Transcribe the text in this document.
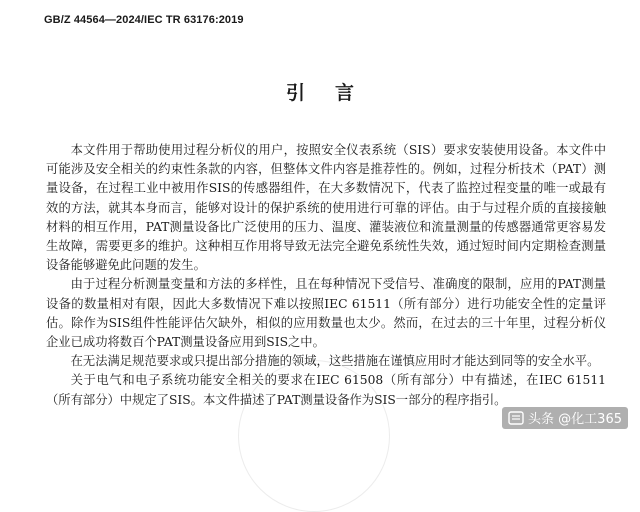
GB/Z 44564—2024/IEC TR 63176:2019
引言

本文件用于帮助使用过程分析仪的用户，按照安全仪表系统（SIS）要求安装使用设备。本文件中可能涉及安全相关的约束性条款的内容，但整体文件内容是推荐性的。例如，过程分析技术（PAT）测量设备，在过程工业中被用作SIS的传感器组件，在大多数情况下，代表了监控过程变量的唯一或最有效的方法，就其本身而言，能够对设计的保护系统的使用进行可靠的评估。由于与过程介质的直接接触材料的相互作用，PAT测量设备比广泛使用的压力、温度、灌装液位和流量测量的传感器通常更容易发生故障，需要更多的维护。这种相互作用将导致无法完全避免系统性失效，通过短时间内定期检查测量设备能够避免此问题的发生。

由于过程分析测量变量和方法的多样性，且在每种情况下受信号、准确度的限制，应用的PAT测量设备的数量相对有限，因此大多数情况下难以按照IEC 61511（所有部分）进行功能安全性的定量评估。除作为SIS组件性能评估欠缺外，相似的应用数量也太少。然而，在过去的三十年里，过程分析仪企业已成功将数百个PAT测量设备应用到SIS之中。

在无法满足规范要求或只提出部分措施的领域，这些措施在谨慎应用时才能达到同等的安全水平。

关于电气和电子系统功能安全相关的要求在IEC 61508（所有部分）中有描述，在IEC 61511（所有部分）中规定了SIS。本文件描述了PAT测量设备作为SIS一部分的程序指引。

头条 @化工365
